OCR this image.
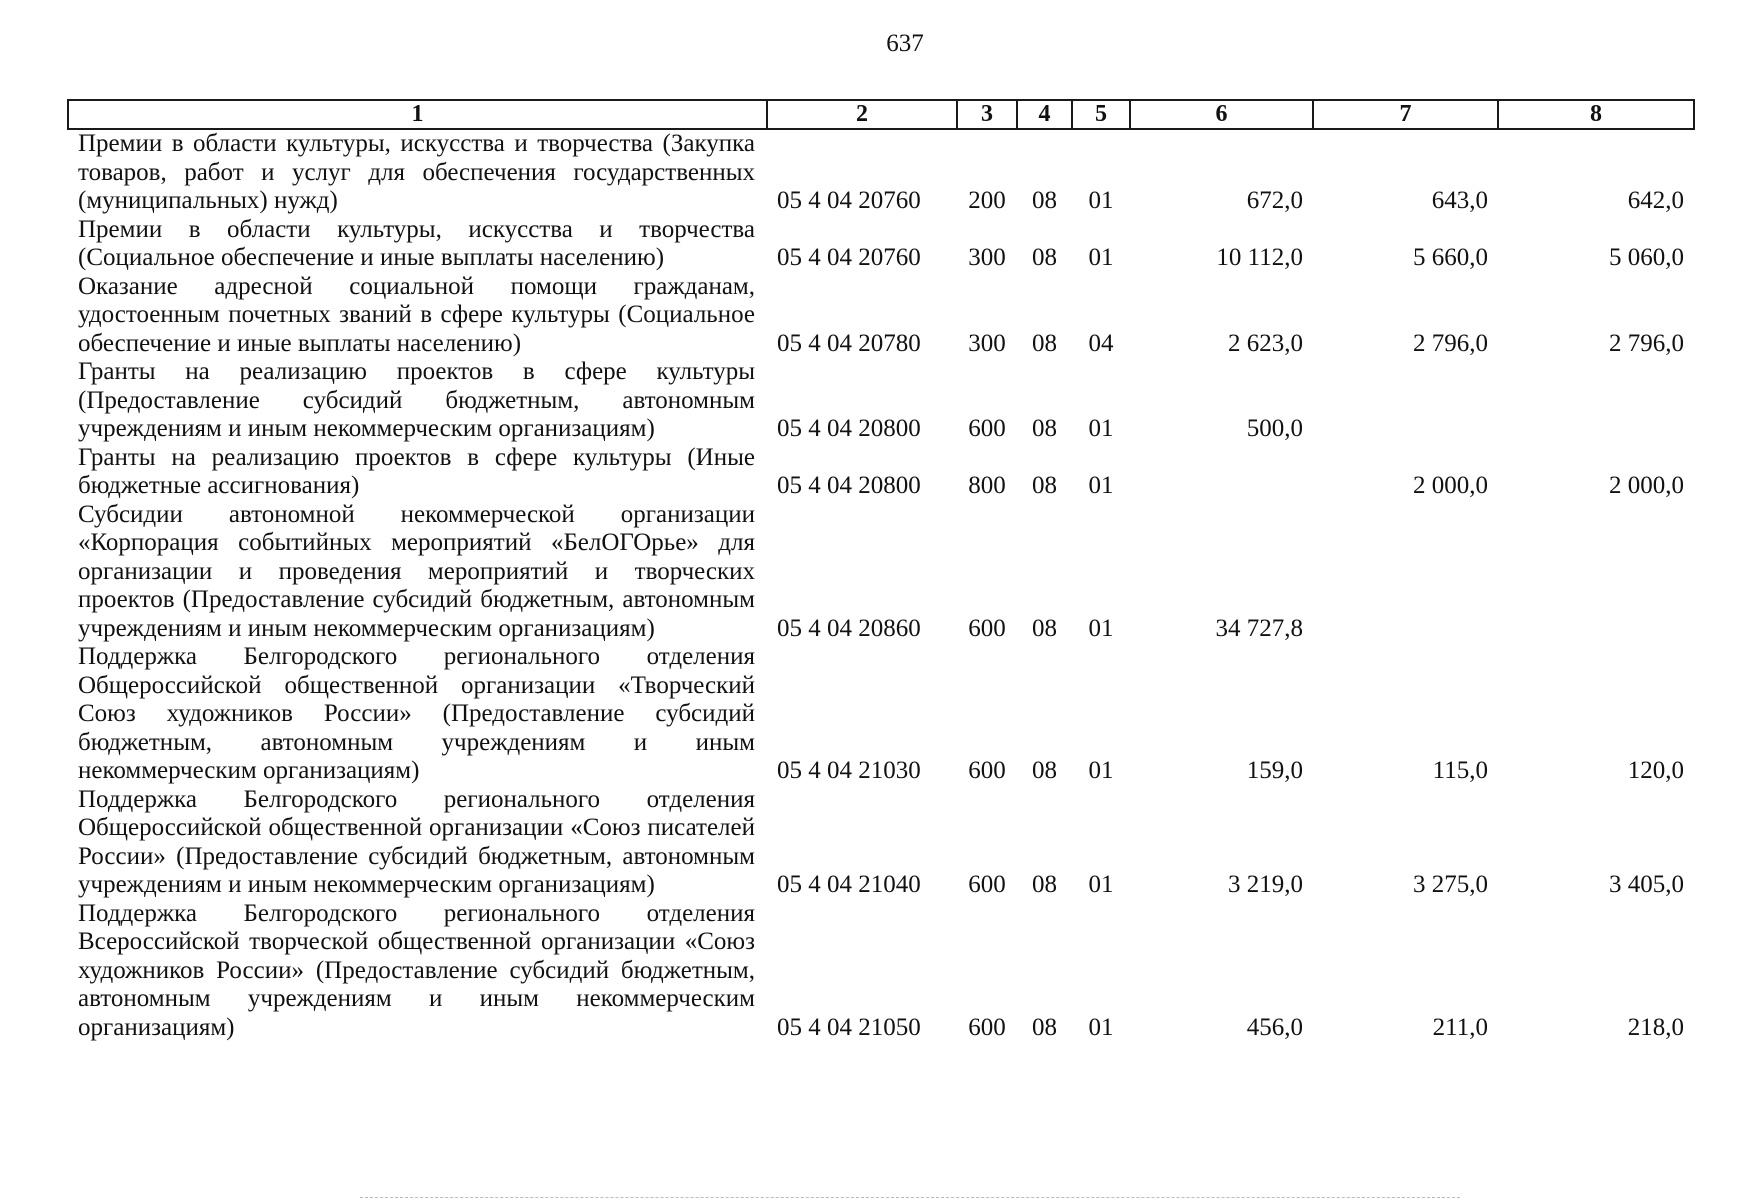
637
1	2	3	4	5	6	7	8
Премии в области культуры, искусства и творчества (Закупка товаров, работ и услуг для обеспечения государственных (муниципальных) нужд)	05 4 04 20760	200	08	01	672,0	643,0	642,0
Премии в области культуры, искусства и творчества (Социальное обеспечение и иные выплаты населению)	05 4 04 20760	300	08	01	10 112,0	5 660,0	5 060,0
Оказание адресной социальной помощи гражданам, удостоенным почетных званий в сфере культуры (Социальное обеспечение и иные выплаты населению)	05 4 04 20780	300	08	04	2 623,0	2 796,0	2 796,0
Гранты на реализацию проектов в сфере культуры (Предоставление субсидий бюджетным, автономным учреждениям и иным некоммерческим организациям)	05 4 04 20800	600	08	01	500,0		
Гранты на реализацию проектов в сфере культуры (Иные бюджетные ассигнования)	05 4 04 20800	800	08	01		2 000,0	2 000,0
Субсидии автономной некоммерческой организации «Корпорация событийных мероприятий «БелОГОрье» для организации и проведения мероприятий и творческих проектов (Предоставление субсидий бюджетным, автономным учреждениям и иным некоммерческим организациям)	05 4 04 20860	600	08	01	34 727,8		
Поддержка Белгородского регионального отделения Общероссийской общественной организации «Творческий Союз художников России» (Предоставление субсидий бюджетным, автономным учреждениям и иным некоммерческим организациям)	05 4 04 21030	600	08	01	159,0	115,0	120,0
Поддержка Белгородского регионального отделения Общероссийской общественной организации «Союз писателей России» (Предоставление субсидий бюджетным, автономным учреждениям и иным некоммерческим организациям)	05 4 04 21040	600	08	01	3 219,0	3 275,0	3 405,0
Поддержка Белгородского регионального отделения Всероссийской творческой общественной организации «Союз художников России» (Предоставление субсидий бюджетным, автономным учреждениям и иным некоммерческим организациям)	05 4 04 21050	600	08	01	456,0	211,0	218,0
